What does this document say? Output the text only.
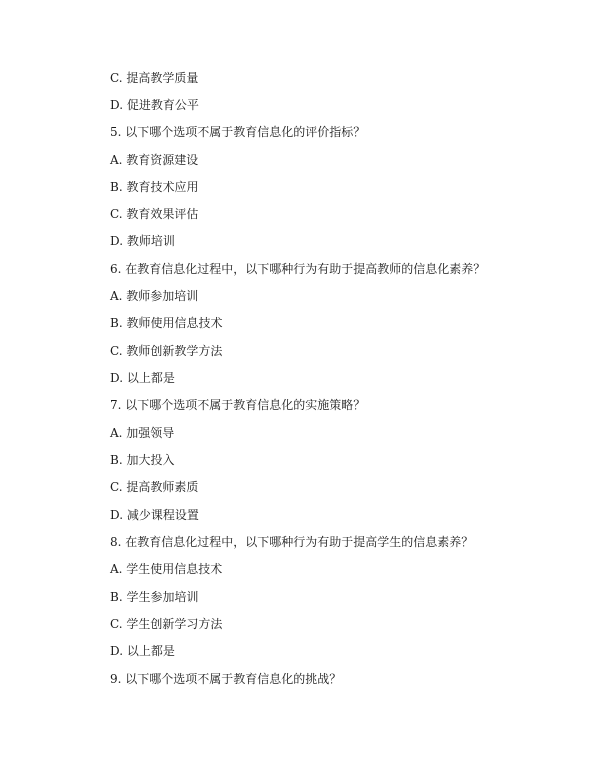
C. 提高教学质量
D. 促进教育公平
5. 以下哪个选项不属于教育信息化的评价指标？
A. 教育资源建设
B. 教育技术应用
C. 教育效果评估
D. 教师培训
6. 在教育信息化过程中，以下哪种行为有助于提高教师的信息化素养？
A. 教师参加培训
B. 教师使用信息技术
C. 教师创新教学方法
D. 以上都是
7. 以下哪个选项不属于教育信息化的实施策略？
A. 加强领导
B. 加大投入
C. 提高教师素质
D. 减少课程设置
8. 在教育信息化过程中，以下哪种行为有助于提高学生的信息素养？
A. 学生使用信息技术
B. 学生参加培训
C. 学生创新学习方法
D. 以上都是
9. 以下哪个选项不属于教育信息化的挑战？
